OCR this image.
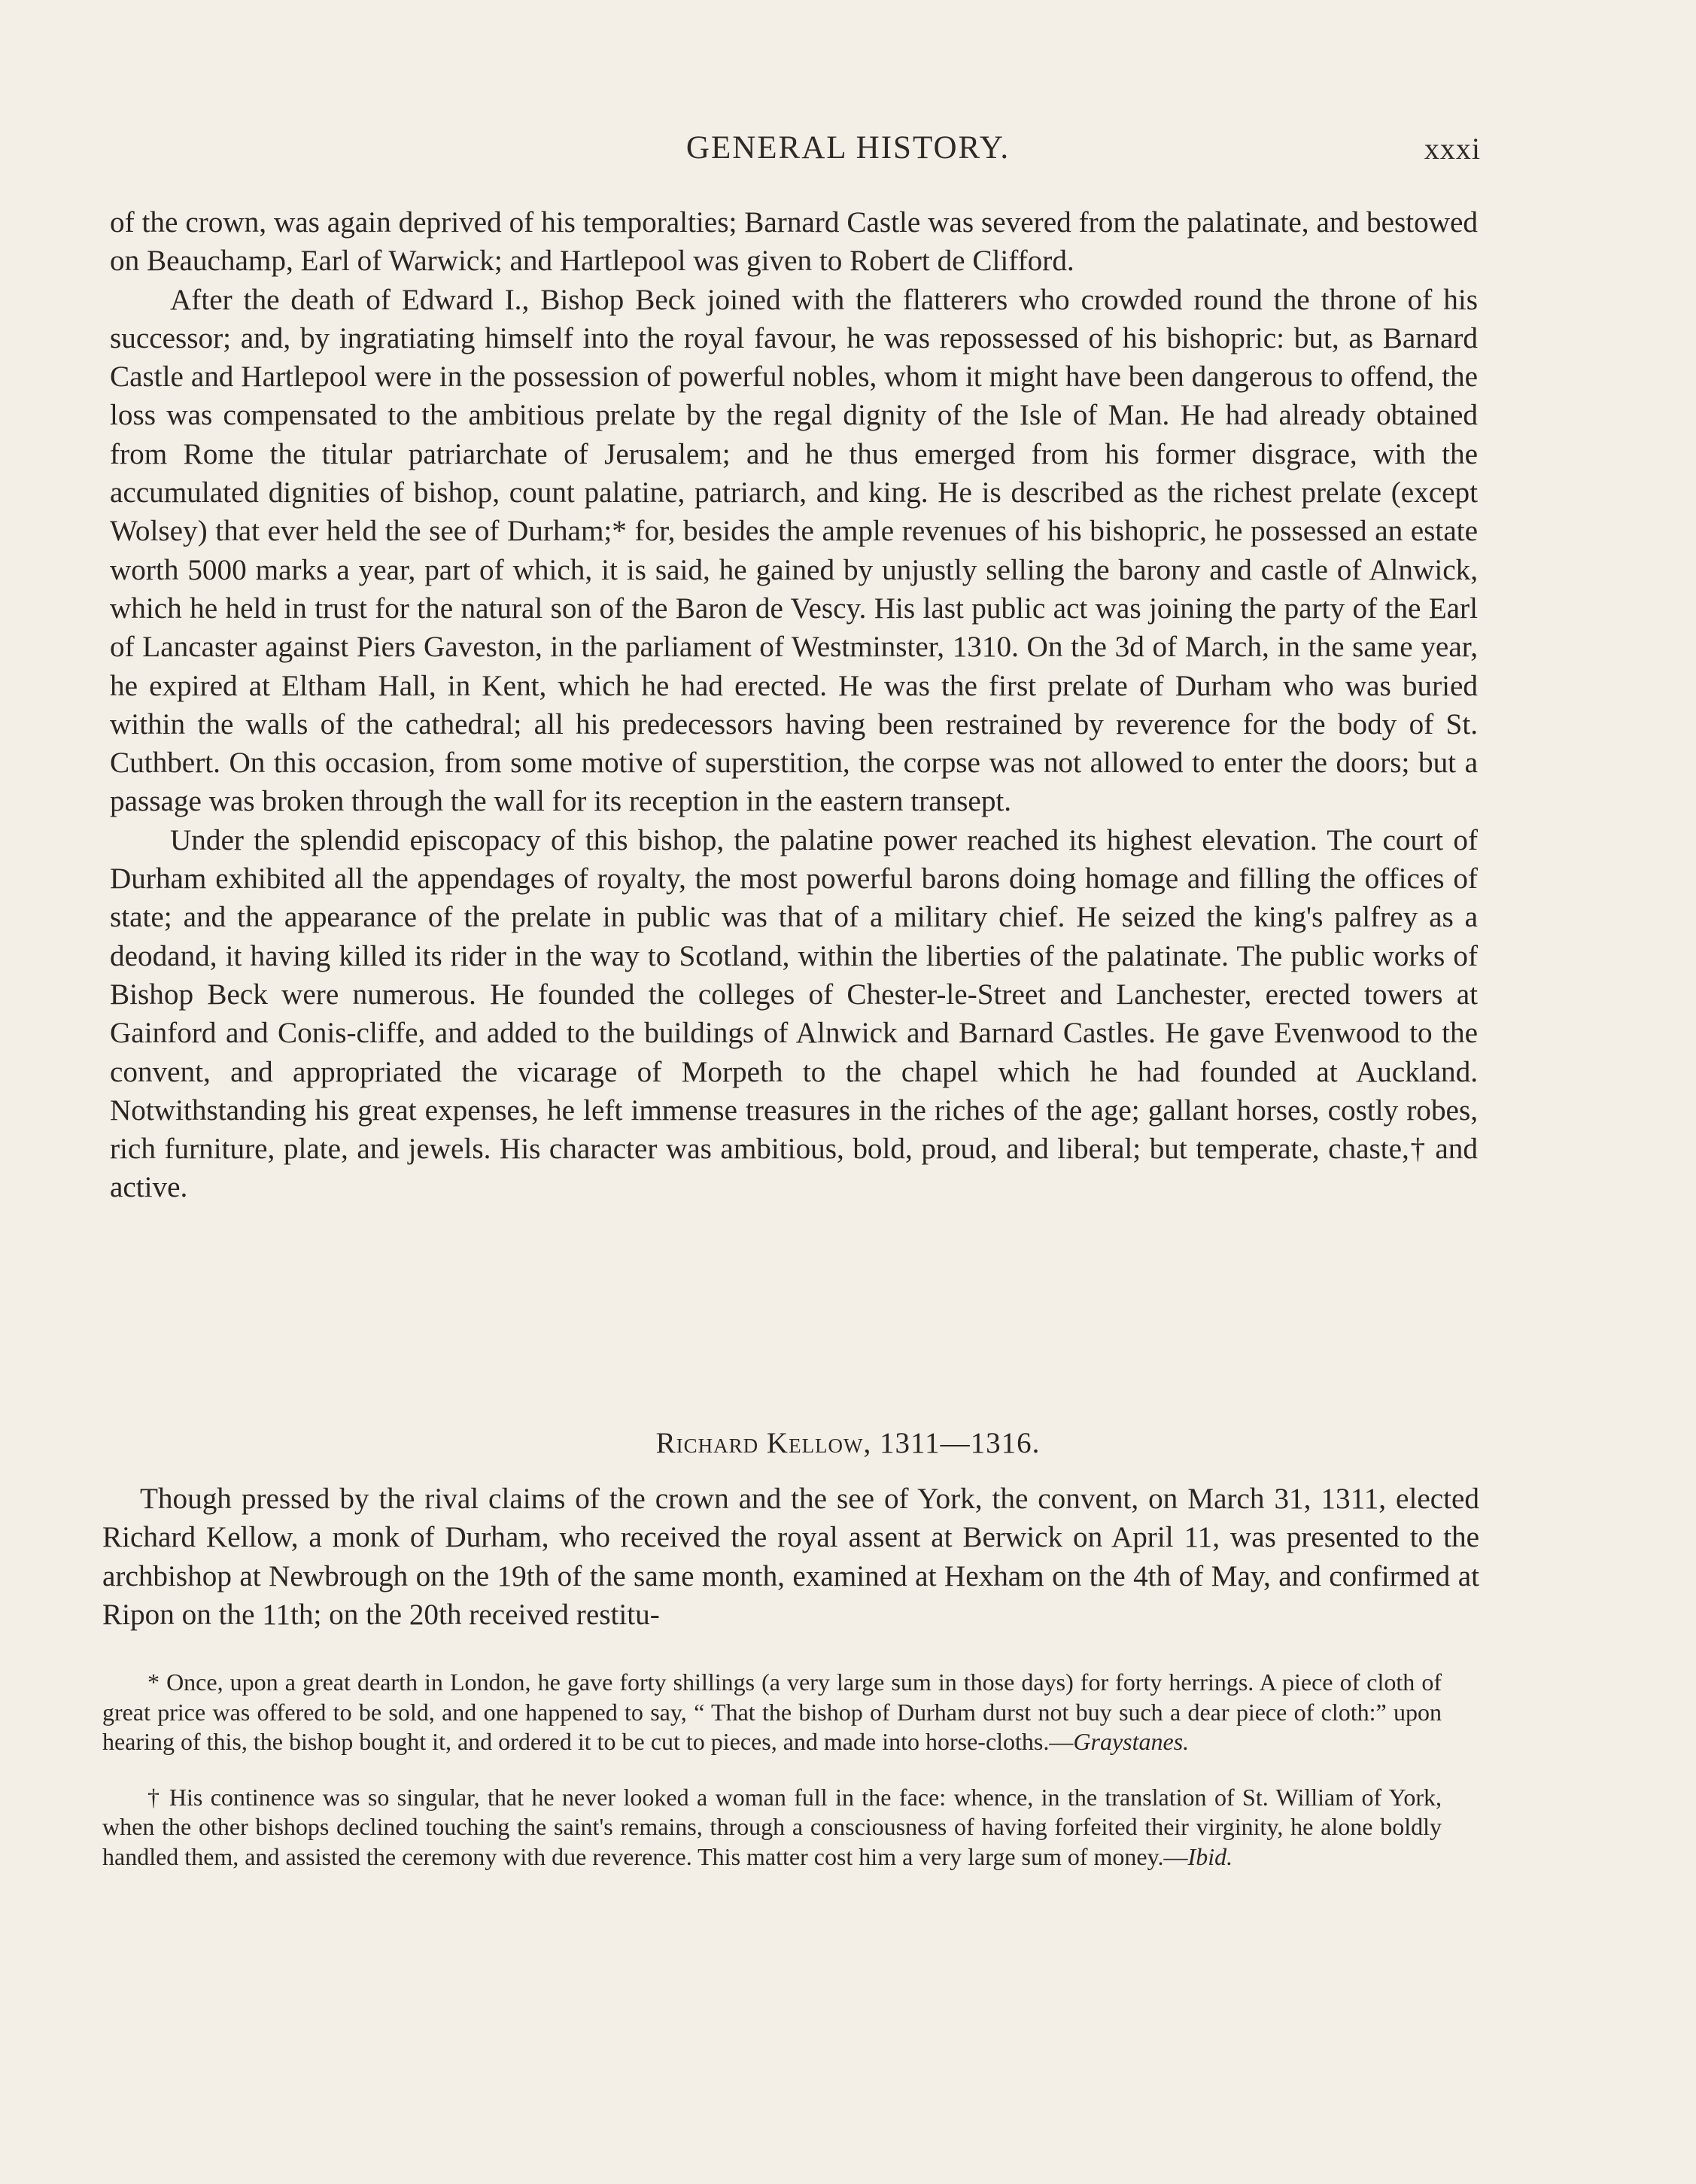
GENERAL HISTORY.	xxxi

of the crown, was again deprived of his temporalties; Barnard Castle was severed from the palatinate, and bestowed on Beauchamp, Earl of Warwick; and Hartlepool was given to Robert de Clifford.

After the death of Edward I., Bishop Beck joined with the flatterers who crowded round the throne of his successor; and, by ingratiating himself into the royal favour, he was repossessed of his bishopric: but, as Barnard Castle and Hartlepool were in the possession of powerful nobles, whom it might have been dangerous to offend, the loss was compensated to the ambitious prelate by the regal dignity of the Isle of Man. He had already obtained from Rome the titular patriarchate of Jerusalem; and he thus emerged from his former disgrace, with the accumulated dignities of bishop, count palatine, patriarch, and king. He is described as the richest prelate (except Wolsey) that ever held the see of Durham;* for, besides the ample revenues of his bishopric, he possessed an estate worth 5000 marks a year, part of which, it is said, he gained by unjustly selling the barony and castle of Alnwick, which he held in trust for the natural son of the Baron de Vescy. His last public act was joining the party of the Earl of Lancaster against Piers Gaveston, in the parliament of Westminster, 1310. On the 3d of March, in the same year, he expired at Eltham Hall, in Kent, which he had erected. He was the first prelate of Durham who was buried within the walls of the cathedral; all his predecessors having been restrained by reverence for the body of St. Cuthbert. On this occasion, from some motive of superstition, the corpse was not allowed to enter the doors; but a passage was broken through the wall for its reception in the eastern transept.

Under the splendid episcopacy of this bishop, the palatine power reached its highest elevation. The court of Durham exhibited all the appendages of royalty, the most powerful barons doing homage and filling the offices of state; and the appearance of the prelate in public was that of a military chief. He seized the king's palfrey as a deodand, it having killed its rider in the way to Scotland, within the liberties of the palatinate. The public works of Bishop Beck were numerous. He founded the colleges of Chester-le-Street and Lanchester, erected towers at Gainford and Conis-cliffe, and added to the buildings of Alnwick and Barnard Castles. He gave Evenwood to the convent, and appropriated the vicarage of Morpeth to the chapel which he had founded at Auckland. Notwithstanding his great expenses, he left immense treasures in the riches of the age; gallant horses, costly robes, rich furniture, plate, and jewels. His character was ambitious, bold, proud, and liberal; but temperate, chaste,† and active.

Richard Kellow, 1311—1316.

Though pressed by the rival claims of the crown and the see of York, the convent, on March 31, 1311, elected Richard Kellow, a monk of Durham, who received the royal assent at Berwick on April 11, was presented to the archbishop at Newbrough on the 19th of the same month, examined at Hexham on the 4th of May, and confirmed at Ripon on the 11th; on the 20th received restitu-

* Once, upon a great dearth in London, he gave forty shillings (a very large sum in those days) for forty herrings. A piece of cloth of great price was offered to be sold, and one happened to say, “ That the bishop of Durham durst not buy such a dear piece of cloth:” upon hearing of this, the bishop bought it, and ordered it to be cut to pieces, and made into horse-cloths.—Graystanes.

† His continence was so singular, that he never looked a woman full in the face: whence, in the translation of St. William of York, when the other bishops declined touching the saint's remains, through a consciousness of having forfeited their virginity, he alone boldly handled them, and assisted the ceremony with due reverence. This matter cost him a very large sum of money.—Ibid.
